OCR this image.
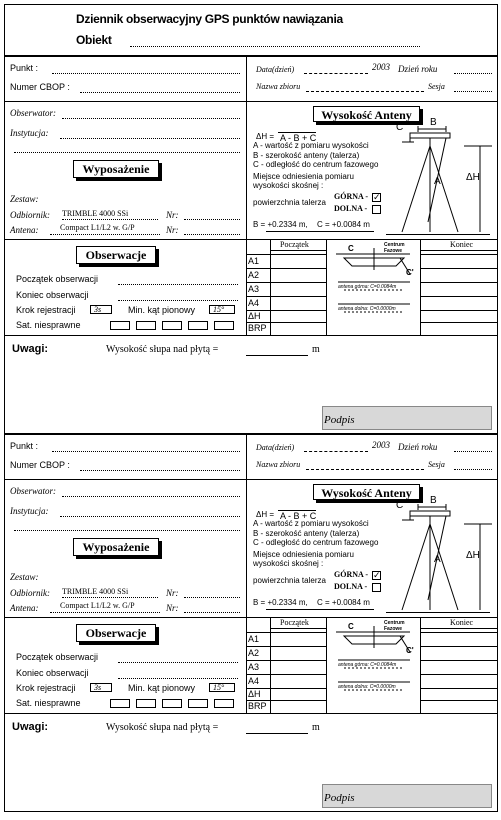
Dziennik obserwacyjny GPS punktów nawiązania
Obiekt
Punkt :
Numer CBOP :
Data(dzień)	2003 Dzień roku
Nazwa zbioru	Sesja
Obserwator:
Instytucja:
Wyposażenie
Zestaw:
Odbiornik: TRIMBLE 4000 SSi	Nr:
Antena:	Compact L1/L2 w. G/P	Nr:
Wysokość Anteny
ΔH = A - B + C
A - wartość z pomiaru wysokości
B - szerokość anteny (talerza)
C - odległość do centrum fazowego
Miejsce odniesienia pomiaru
wysokości skośnej :
powierzchnia talerza
GÓRNA -
DOLNA -
✓
B = +0.2334 m, C = +0.0084 m
B
C
A	ΔH
Obserwacje
Początek obserwacji
Koniec obserwacji
Krok rejestracji	3s	Min. kąt pionowy	15°
Sat. niesprawne
Początek	Koniec
A1
A2
A3
A4
ΔH
BRP
C
C'
Centrum Fazowe
antena górna: C=0.0084m
antena dolna: C=0.0000m
Uwagi:	Wysokość słupa nad płytą =	m
Podpis
Punkt :
Numer CBOP :
Data(dzień)	2003 Dzień roku
Nazwa zbioru	Sesja
Obserwator:
Instytucja:
Wyposażenie
Zestaw:
Odbiornik: TRIMBLE 4000 SSi	Nr:
Antena:	Compact L1/L2 w. G/P	Nr:
Wysokość Anteny
ΔH = A - B + C
A - wartość z pomiaru wysokości
B - szerokość anteny (talerza)
C - odległość do centrum fazowego
Miejsce odniesienia pomiaru
wysokości skośnej :
powierzchnia talerza
GÓRNA -
DOLNA -
✓
B = +0.2334 m, C = +0.0084 m
B
C
A	ΔH
Obserwacje
Początek obserwacji
Koniec obserwacji
Krok rejestracji	3s	Min. kąt pionowy	15°
Sat. niesprawne
Początek	Koniec
A1
A2
A3
A4
ΔH
BRP
C
C'
Centrum Fazowe
antena górna: C=0.0084m
antena dolna: C=0.0000m
Uwagi:	Wysokość słupa nad płytą =	m
Podpis
